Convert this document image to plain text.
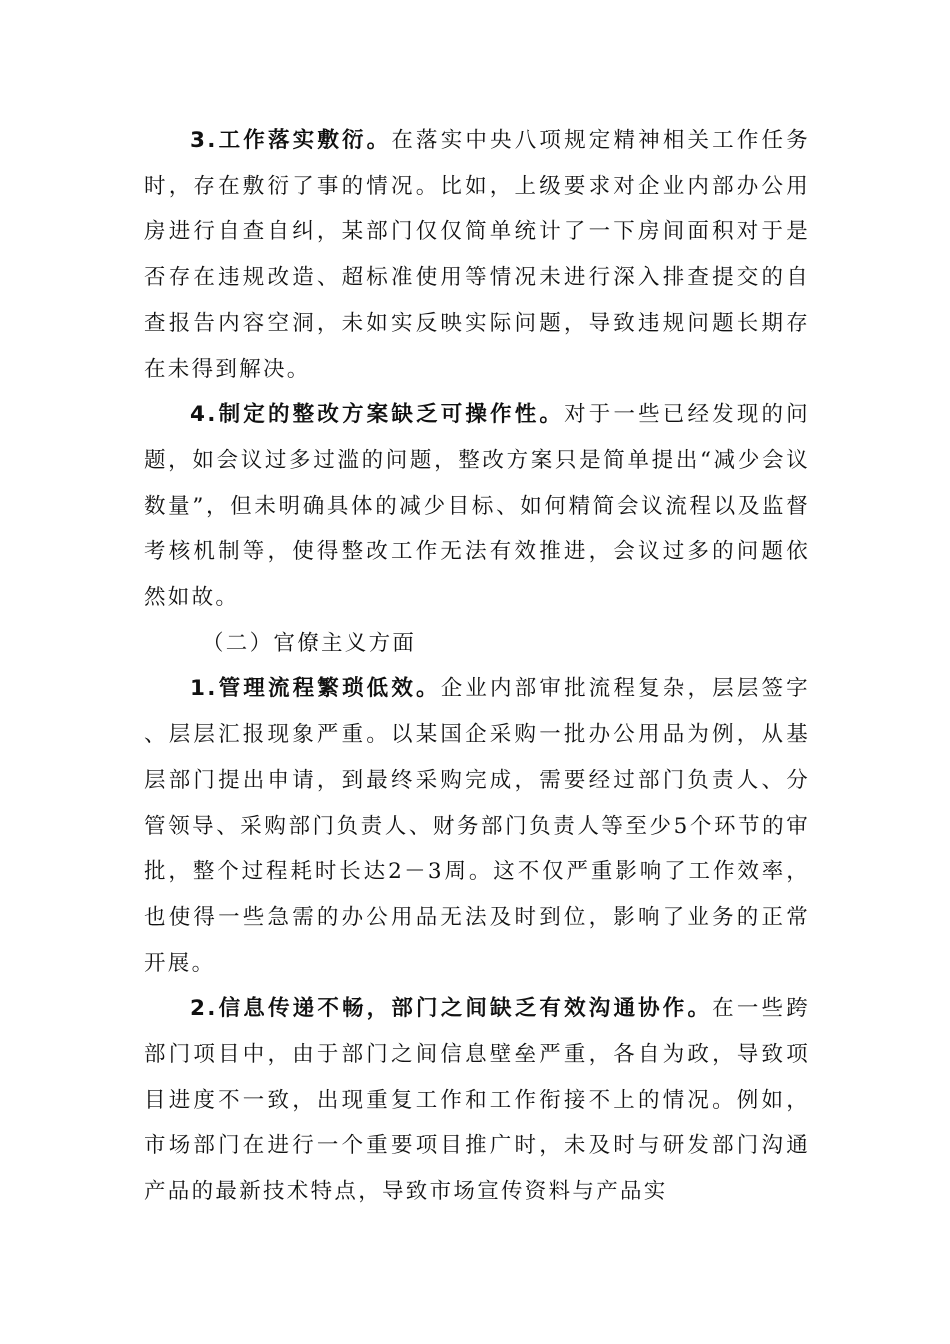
3.工作落实敷衍。在落实中央八项规定精神相关工作任务时，存在敷衍了事的情况。比如，上级要求对企业内部办公用房进行自查自纠，某部门仅仅简单统计了一下房间面积对于是否存在违规改造、超标准使用等情况未进行深入排查提交的自查报告内容空洞，未如实反映实际问题，导致违规问题长期存在未得到解决。

4.制定的整改方案缺乏可操作性。对于一些已经发现的问题，如会议过多过滥的问题，整改方案只是简单提出“减少会议数量”，但未明确具体的减少目标、如何精简会议流程以及监督考核机制等，使得整改工作无法有效推进，会议过多的问题依然如故。

（二）官僚主义方面

1.管理流程繁琐低效。企业内部审批流程复杂，层层签字、层层汇报现象严重。以某国企采购一批办公用品为例，从基层部门提出申请，到最终采购完成，需要经过部门负责人、分管领导、采购部门负责人、财务部门负责人等至少5个环节的审批，整个过程耗时长达2－3周。这不仅严重影响了工作效率，也使得一些急需的办公用品无法及时到位，影响了业务的正常开展。

2.信息传递不畅，部门之间缺乏有效沟通协作。在一些跨部门项目中，由于部门之间信息壁垒严重，各自为政，导致项目进度不一致，出现重复工作和工作衔接不上的情况。例如，市场部门在进行一个重要项目推广时，未及时与研发部门沟通产品的最新技术特点，导致市场宣传资料与产品实
